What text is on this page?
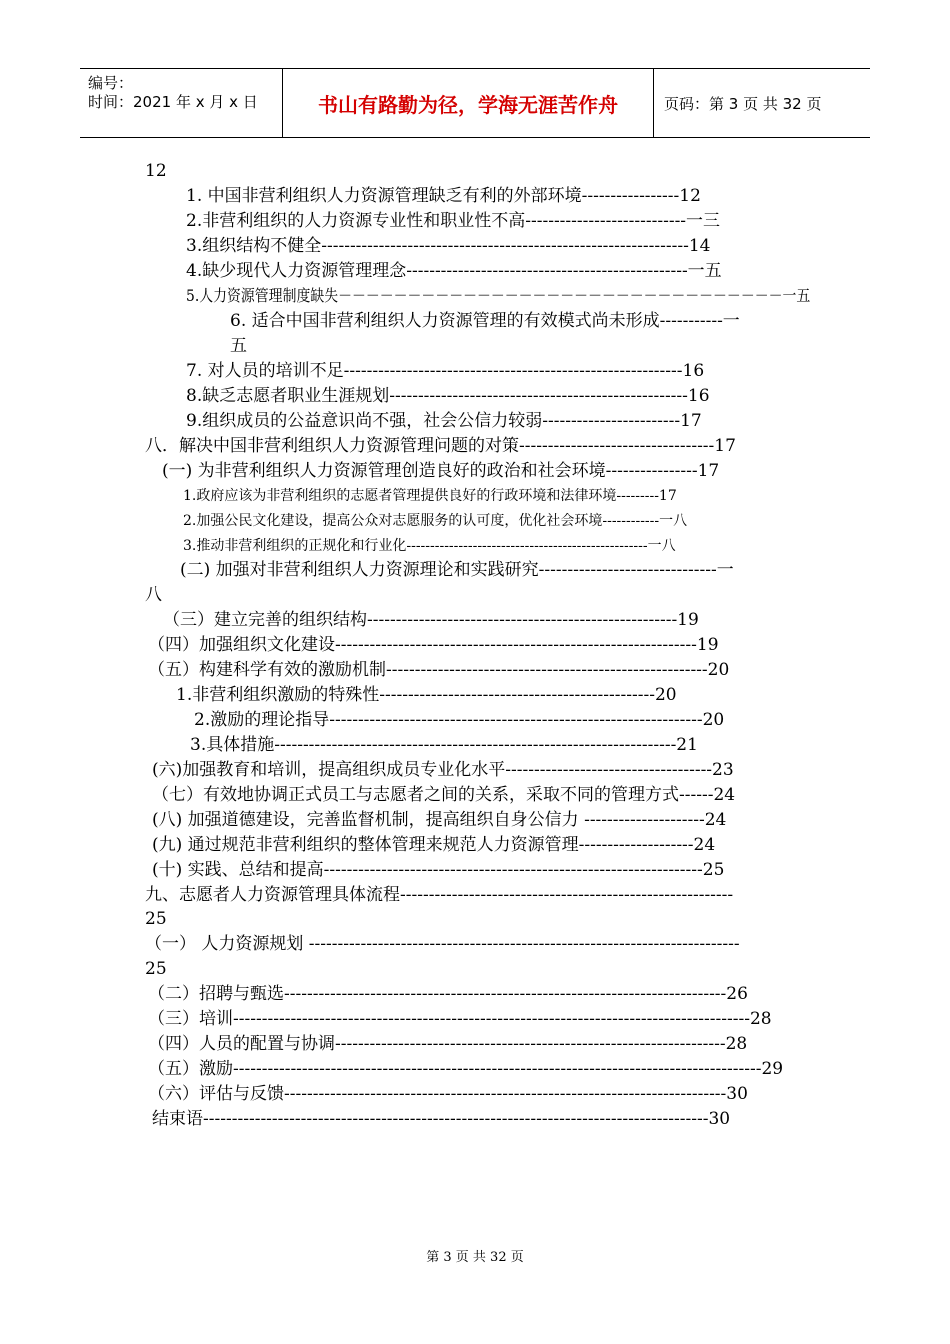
编号：
时间：2021 年 x 月 x 日	书山有路勤为径，学海无涯苦作舟	页码：第 3 页 共 32 页
12
1. 中国非营利组织人力资源管理缺乏有利的外部环境-----------------12
2.非营利组织的人力资源专业性和职业性不高----------------------------一三
3.组织结构不健全----------------------------------------------------------------14
4.缺少现代人力资源管理理念-------------------------------------------------一五
5.人力资源管理制度缺失－－－－－－－－－－－－－－－－－－－－－－－－－－－－－－－－一五
6. 适合中国非营利组织人力资源管理的有效模式尚未形成-----------一
五
7. 对人员的培训不足-----------------------------------------------------------16
8.缺乏志愿者职业生涯规划----------------------------------------------------16
9.组织成员的公益意识尚不强，社会公信力较弱------------------------17
八．解决中国非营利组织人力资源管理问题的对策----------------------------------17
(一) 为非营利组织人力资源管理创造良好的政治和社会环境----------------17
1.政府应该为非营利组织的志愿者管理提供良好的行政环境和法律环境---------17
2.加强公民文化建设，提高公众对志愿服务的认可度，优化社会环境------------一八
3.推动非营利组织的正规化和行业化---------------------------------------------------一八
(二) 加强对非营利组织人力资源理论和实践研究-------------------------------一
八
（三）建立完善的组织结构------------------------------------------------------19
（四）加强组织文化建设---------------------------------------------------------------19
（五）构建科学有效的激励机制--------------------------------------------------------20
1.非营利组织激励的特殊性------------------------------------------------20
2.激励的理论指导-----------------------------------------------------------------20
3.具体措施----------------------------------------------------------------------21
(六)加强教育和培训，提高组织成员专业化水平------------------------------------23
（七）有效地协调正式员工与志愿者之间的关系，采取不同的管理方式------24
(八) 加强道德建设，完善监督机制，提高组织自身公信力 ---------------------24
(九) 通过规范非营利组织的整体管理来规范人力资源管理--------------------24
(十) 实践、总结和提高------------------------------------------------------------------25
九、志愿者人力资源管理具体流程----------------------------------------------------------
25
（一） 人力资源规划 ---------------------------------------------------------------------------
25
（二）招聘与甄选-----------------------------------------------------------------------------26
（三）培训------------------------------------------------------------------------------------------28
（四）人员的配置与协调--------------------------------------------------------------------28
（五）激励--------------------------------------------------------------------------------------------29
（六）评估与反馈-----------------------------------------------------------------------------30
结束语----------------------------------------------------------------------------------------30
第 3 页 共 32 页
